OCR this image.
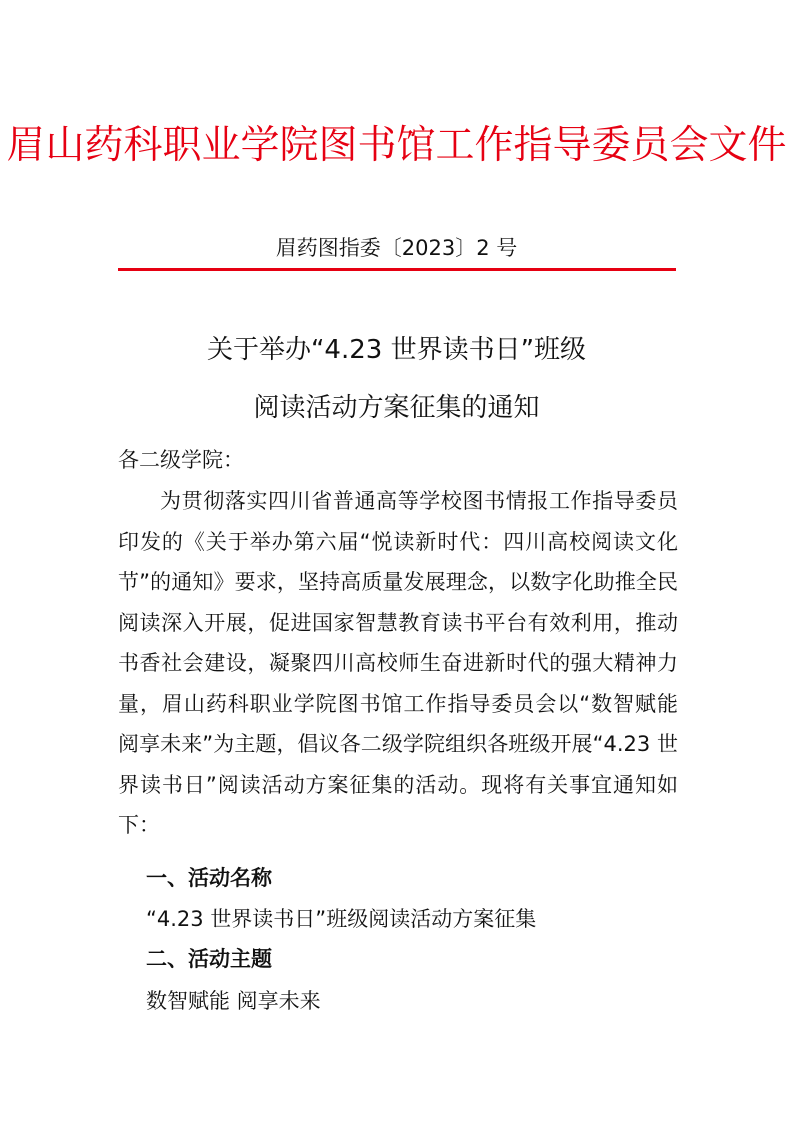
眉山药科职业学院图书馆工作指导委员会文件
眉药图指委〔2023〕2 号
关于举办“4.23 世界读书日”班级
阅读活动方案征集的通知
各二级学院：
为贯彻落实四川省普通高等学校图书情报工作指导委员印发的《关于举办第六届“悦读新时代：四川高校阅读文化节”的通知》要求，坚持高质量发展理念，以数字化助推全民阅读深入开展，促进国家智慧教育读书平台有效利用，推动书香社会建设，凝聚四川高校师生奋进新时代的强大精神力量，眉山药科职业学院图书馆工作指导委员会以“数智赋能 阅享未来”为主题，倡议各二级学院组织各班级开展“4.23 世界读书日”阅读活动方案征集的活动。现将有关事宜通知如下：
一、活动名称
“4.23 世界读书日”班级阅读活动方案征集
二、活动主题
数智赋能 阅享未来
